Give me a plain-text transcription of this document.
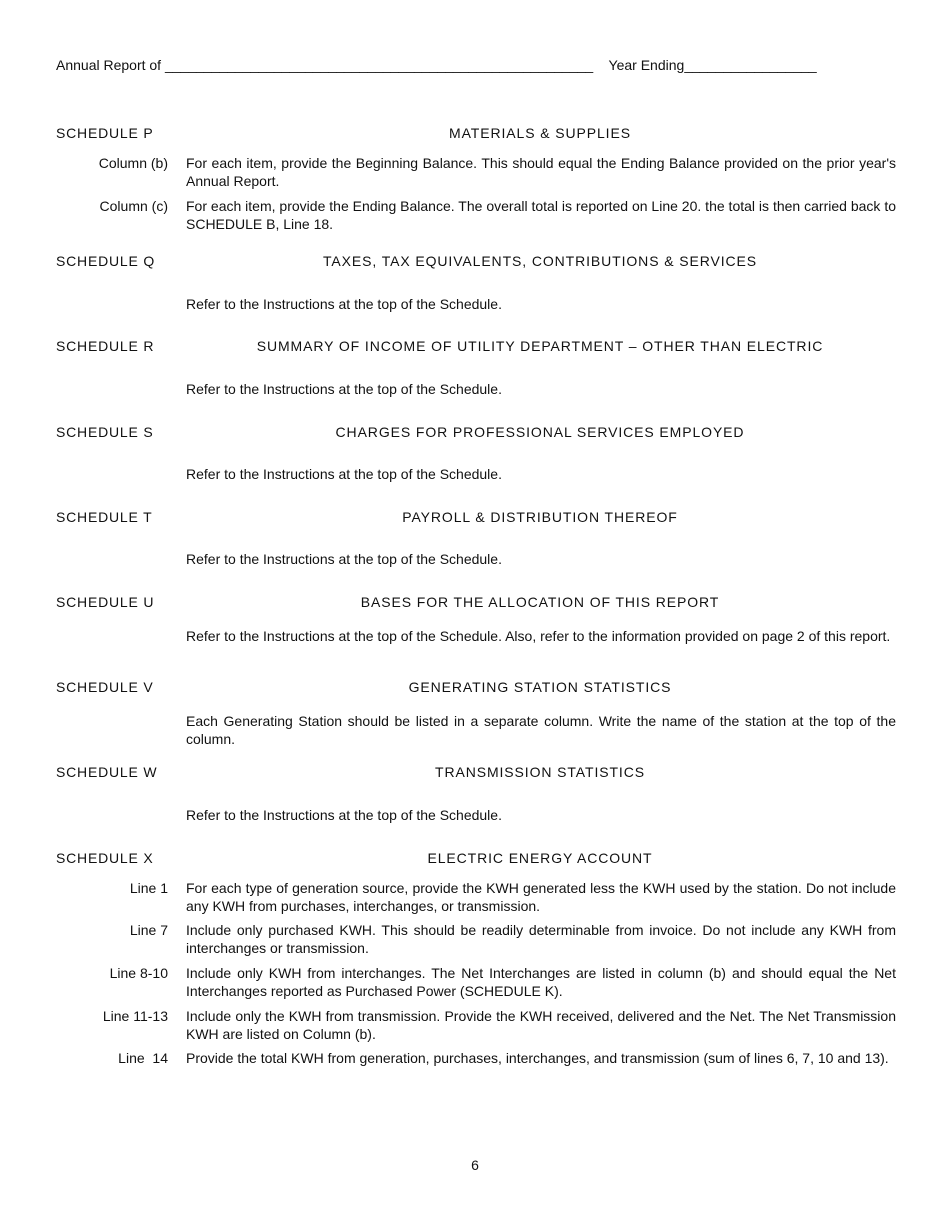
Annual Report of _______________________________________________________ Year Ending_________________
SCHEDULE P	MATERIALS & SUPPLIES
Column (b) For each item, provide the Beginning Balance. This should equal the Ending Balance provided on the prior year's Annual Report.
Column (c) For each item, provide the Ending Balance. The overall total is reported on Line 20. the total is then carried back to SCHEDULE B, Line 18.
SCHEDULE Q	TAXES, TAX EQUIVALENTS, CONTRIBUTIONS & SERVICES
Refer to the Instructions at the top of the Schedule.
SCHEDULE R	SUMMARY OF INCOME OF UTILITY DEPARTMENT – OTHER THAN ELECTRIC
Refer to the Instructions at the top of the Schedule.
SCHEDULE S	CHARGES FOR PROFESSIONAL SERVICES EMPLOYED
Refer to the Instructions at the top of the Schedule.
SCHEDULE T	PAYROLL & DISTRIBUTION THEREOF
Refer to the Instructions at the top of the Schedule.
SCHEDULE U	BASES FOR THE ALLOCATION OF THIS REPORT
Refer to the Instructions at the top of the Schedule. Also, refer to the information provided on page 2 of this report.
SCHEDULE V	GENERATING STATION STATISTICS
Each Generating Station should be listed in a separate column. Write the name of the station at the top of the column.
SCHEDULE W	TRANSMISSION STATISTICS
Refer to the Instructions at the top of the Schedule.
SCHEDULE X	ELECTRIC ENERGY ACCOUNT
Line 1 For each type of generation source, provide the KWH generated less the KWH used by the station. Do not include any KWH from purchases, interchanges, or transmission.
Line 7 Include only purchased KWH. This should be readily determinable from invoice. Do not include any KWH from interchanges or transmission.
Line 8-10 Include only KWH from interchanges. The Net Interchanges are listed in column (b) and should equal the Net Interchanges reported as Purchased Power (SCHEDULE K).
Line 11-13 Include only the KWH from transmission. Provide the KWH received, delivered and the Net. The Net Transmission KWH are listed on Column (b).
Line  14 Provide the total KWH from generation, purchases, interchanges, and transmission (sum of lines 6, 7, 10 and 13).
6
